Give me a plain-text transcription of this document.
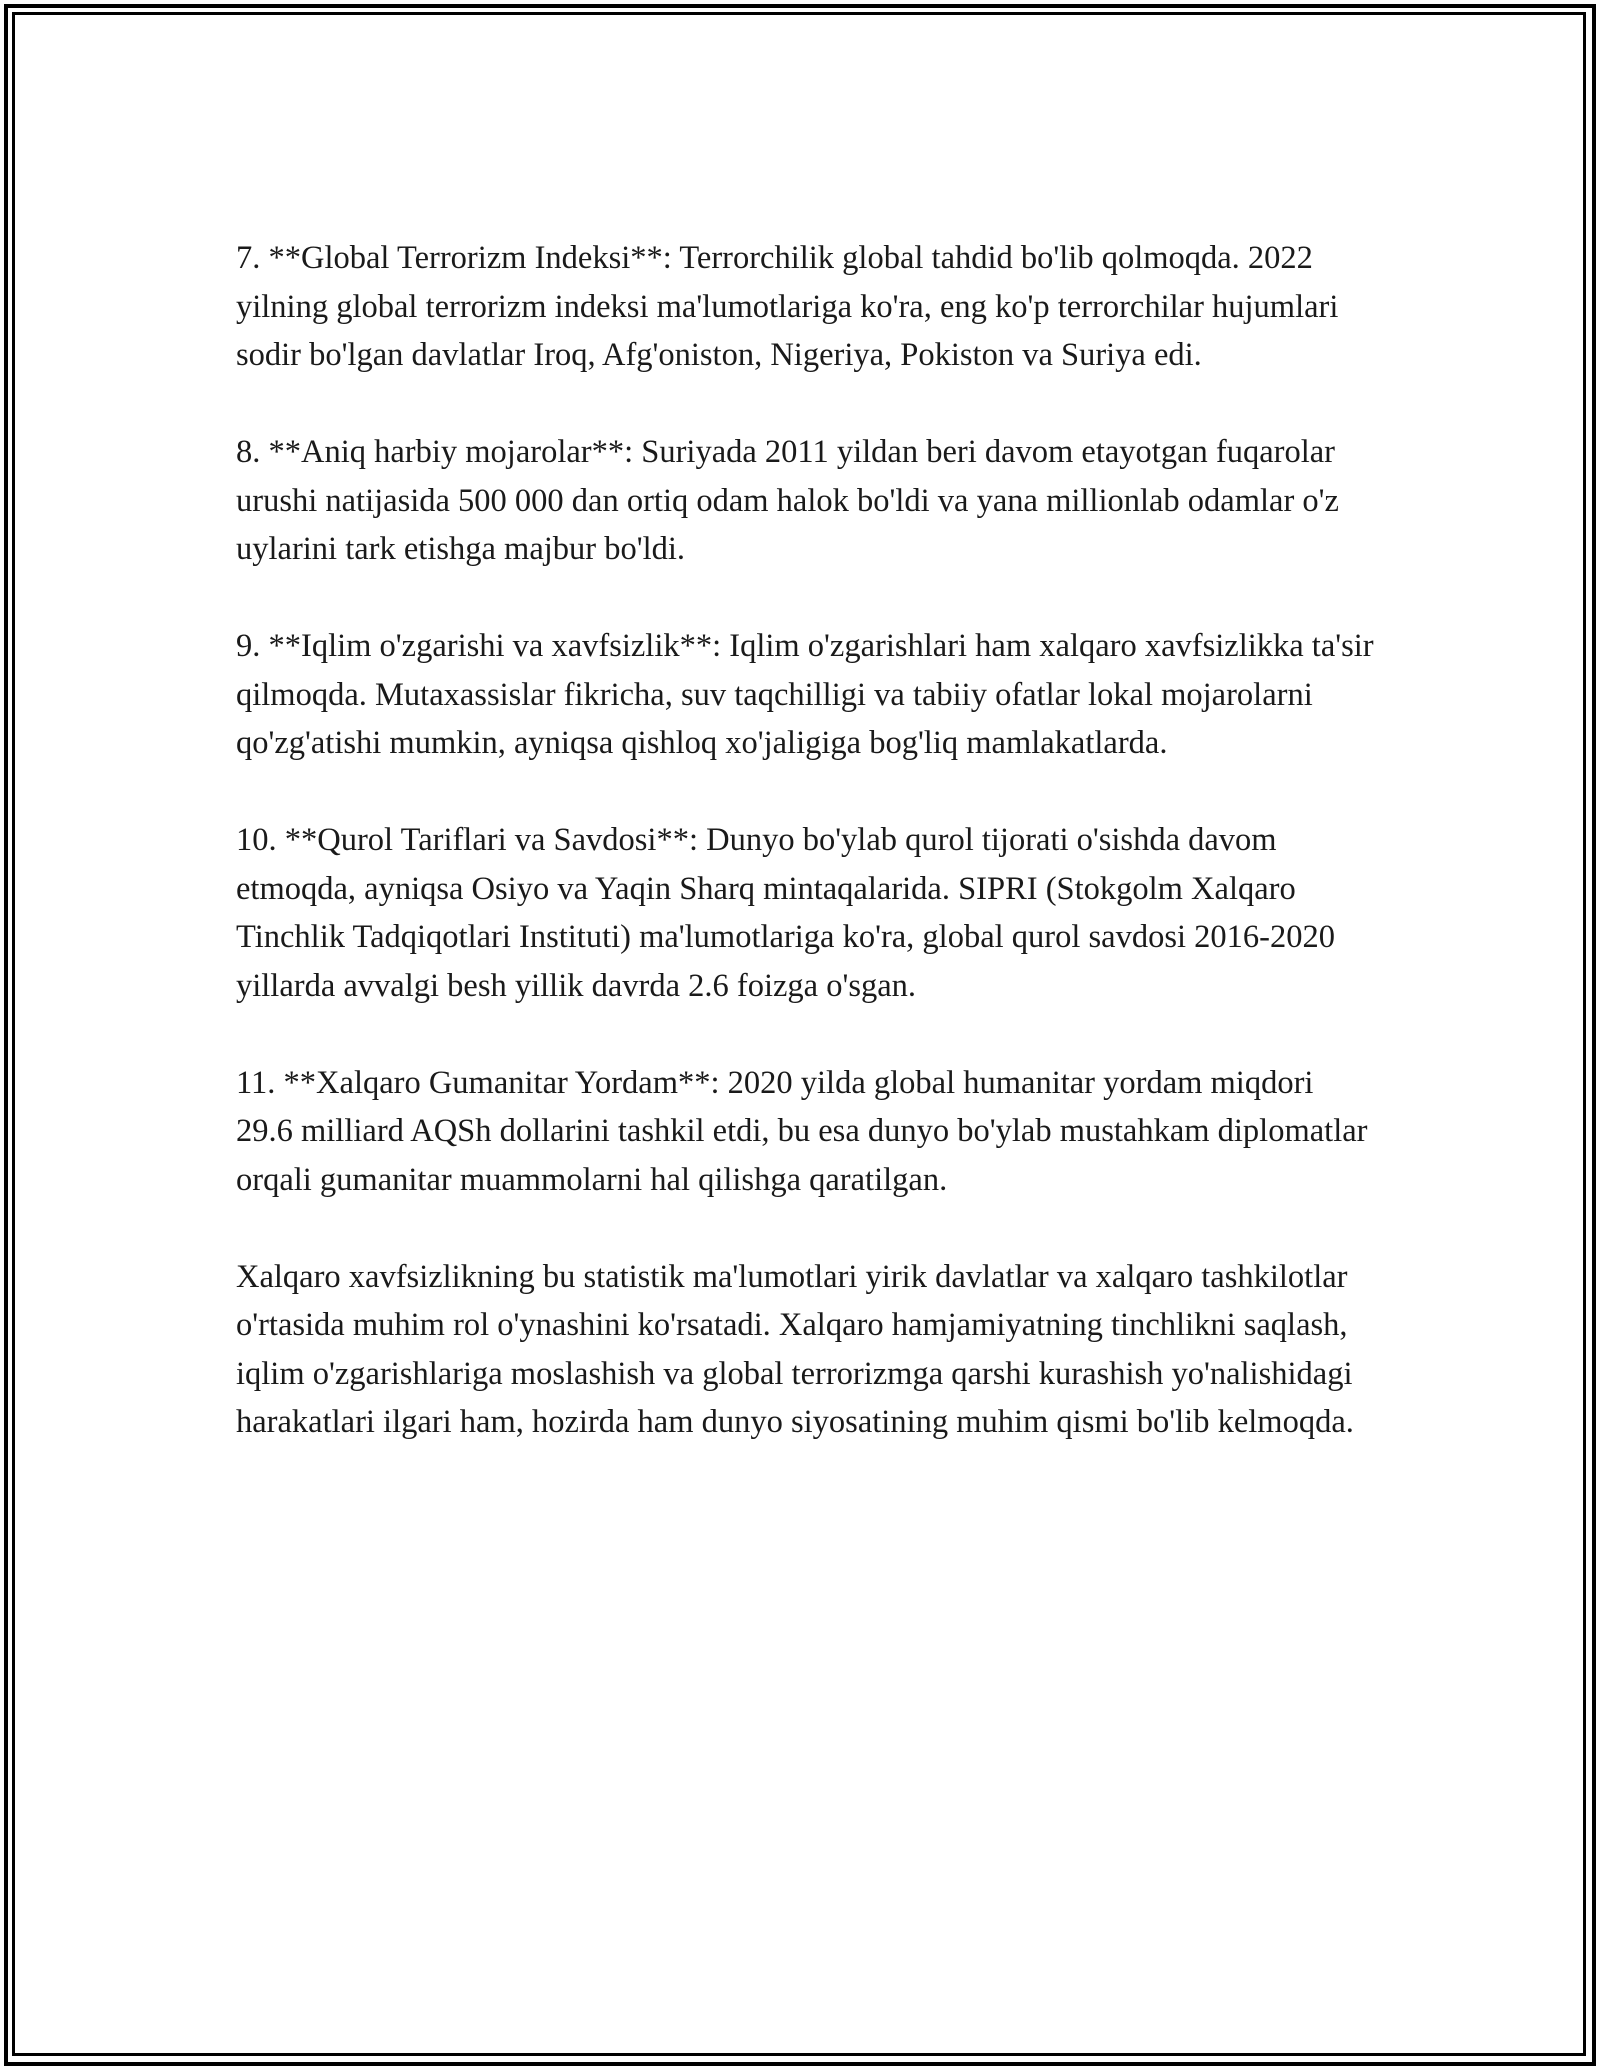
7. **Global Terrorizm Indeksi**: Terrorchilik global tahdid bo'lib qolmoqda. 2022 yilning global terrorizm indeksi ma'lumotlariga ko'ra, eng ko'p terrorchilar hujumlari sodir bo'lgan davlatlar Iroq, Afg'oniston, Nigeriya, Pokiston va Suriya edi.

8. **Aniq harbiy mojarolar**: Suriyada 2011 yildan beri davom etayotgan fuqarolar urushi natijasida 500 000 dan ortiq odam halok bo'ldi va yana millionlab odamlar o'z uylarini tark etishga majbur bo'ldi.

9. **Iqlim o'zgarishi va xavfsizlik**: Iqlim o'zgarishlari ham xalqaro xavfsizlikka ta'sir qilmoqda. Mutaxassislar fikricha, suv taqchilligi va tabiiy ofatlar lokal mojarolarni qo'zg'atishi mumkin, ayniqsa qishloq xo'jaligiga bog'liq mamlakatlarda.

10. **Qurol Tariflari va Savdosi**: Dunyo bo'ylab qurol tijorati o'sishda davom etmoqda, ayniqsa Osiyo va Yaqin Sharq mintaqalarida. SIPRI (Stokgolm Xalqaro Tinchlik Tadqiqotlari Instituti) ma'lumotlariga ko'ra, global qurol savdosi 2016-2020 yillarda avvalgi besh yillik davrda 2.6 foizga o'sgan.

11. **Xalqaro Gumanitar Yordam**: 2020 yilda global humanitar yordam miqdori 29.6 milliard AQSh dollarini tashkil etdi, bu esa dunyo bo'ylab mustahkam diplomatlar orqali gumanitar muammolarni hal qilishga qaratilgan.

Xalqaro xavfsizlikning bu statistik ma'lumotlari yirik davlatlar va xalqaro tashkilotlar o'rtasida muhim rol o'ynashini ko'rsatadi. Xalqaro hamjamiyatning tinchlikni saqlash, iqlim o'zgarishlariga moslashish va global terrorizmga qarshi kurashish yo'nalishidagi harakatlari ilgari ham, hozirda ham dunyo siyosatining muhim qismi bo'lib kelmoqda.
